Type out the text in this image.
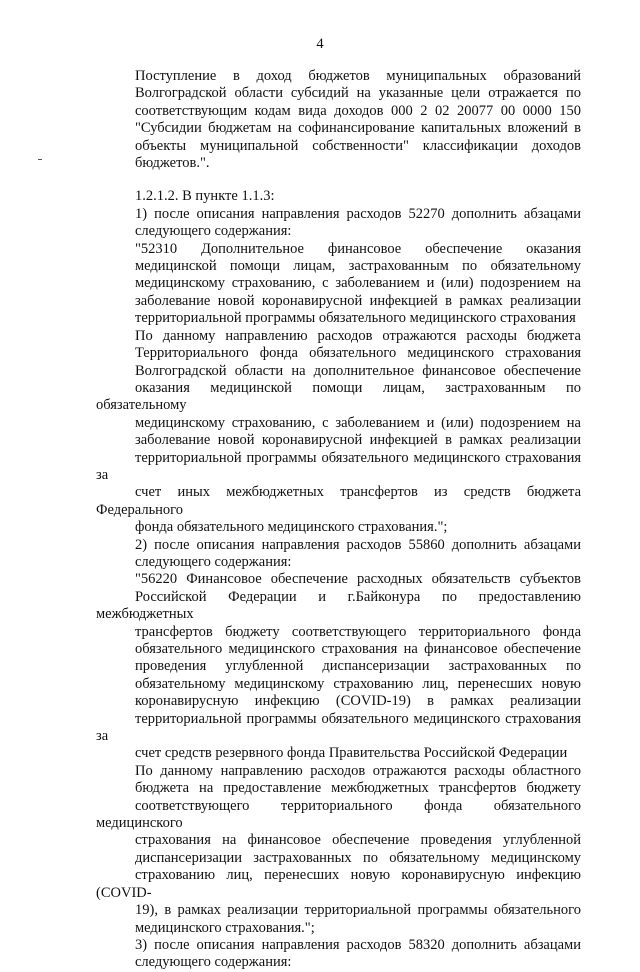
4
Поступление в доход бюджетов муниципальных образований
Волгоградской области субсидий на указанные цели отражается по
соответствующим кодам вида доходов 000 2 02 20077 00 0000 150
"Субсидии бюджетам на софинансирование капитальных вложений в
объекты муниципальной собственности" классификации доходов
бюджетов.".
1.2.1.2. В пункте 1.1.3:
1) после описания направления расходов 52270 дополнить абзацами
следующего содержания:
"52310 Дополнительное финансовое обеспечение оказания
медицинской помощи лицам, застрахованным по обязательному
медицинскому страхованию, с заболеванием и (или) подозрением на
заболевание новой коронавирусной инфекцией в рамках реализации
территориальной программы обязательного медицинского страхования
По данному направлению расходов отражаются расходы бюджета
Территориального фонда обязательного медицинского страхования
Волгоградской области на дополнительное финансовое обеспечение
оказания медицинской помощи лицам, застрахованным по обязательному
медицинскому страхованию, с заболеванием и (или) подозрением на
заболевание новой коронавирусной инфекцией в рамках реализации
территориальной программы обязательного медицинского страхования за
счет иных межбюджетных трансфертов из средств бюджета Федерального
фонда обязательного медицинского страхования.";
2) после описания направления расходов 55860 дополнить абзацами
следующего содержания:
"56220 Финансовое обеспечение расходных обязательств субъектов
Российской Федерации и г.Байконура по предоставлению межбюджетных
трансфертов бюджету соответствующего территориального фонда
обязательного медицинского страхования на финансовое обеспечение
проведения углубленной диспансеризации застрахованных по
обязательному медицинскому страхованию лиц, перенесших новую
коронавирусную инфекцию (COVID-19) в рамках реализации
территориальной программы обязательного медицинского страхования за
счет средств резервного фонда Правительства Российской Федерации
По данному направлению расходов отражаются расходы областного
бюджета на предоставление межбюджетных трансфертов бюджету
соответствующего территориального фонда обязательного медицинского
страхования на финансовое обеспечение проведения углубленной
диспансеризации застрахованных по обязательному медицинскому
страхованию лиц, перенесших новую коронавирусную инфекцию (COVID-
19), в рамках реализации территориальной программы обязательного
медицинского страхования.";
3) после описания направления расходов 58320 дополнить абзацами
следующего содержания:
